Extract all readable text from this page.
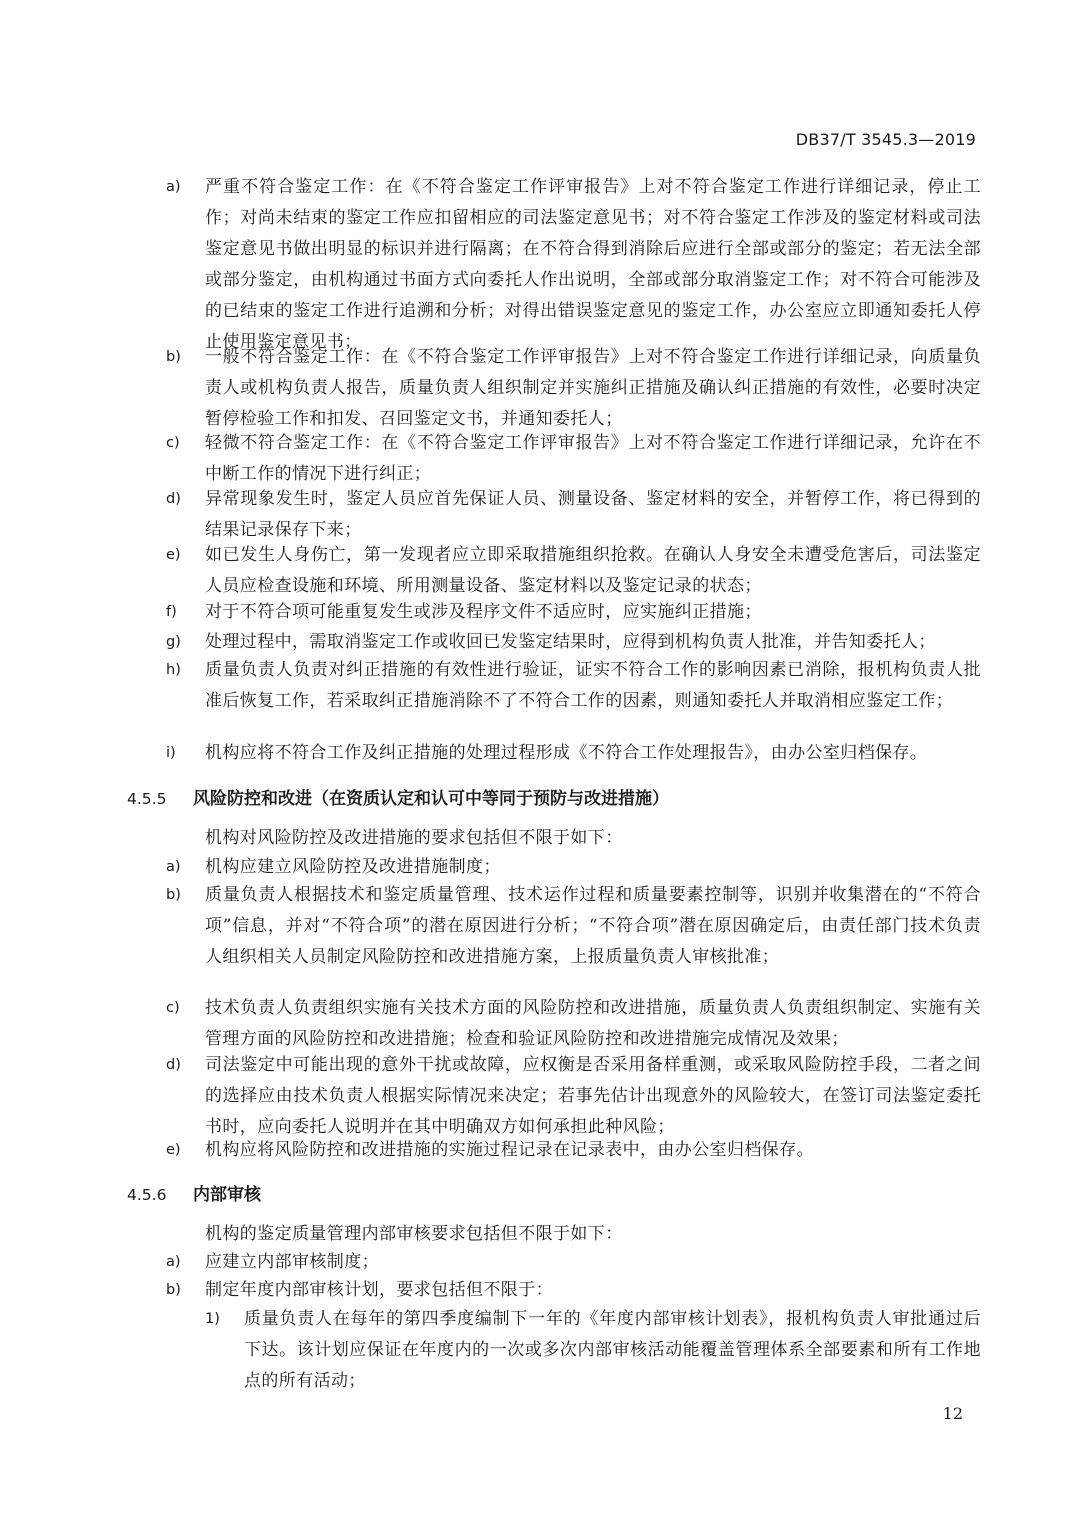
DB37/T 3545.3—2019
a) 严重不符合鉴定工作：在《不符合鉴定工作评审报告》上对不符合鉴定工作进行详细记录，停止工作；对尚未结束的鉴定工作应扣留相应的司法鉴定意见书；对不符合鉴定工作涉及的鉴定材料或司法鉴定意见书做出明显的标识并进行隔离；在不符合得到消除后应进行全部或部分的鉴定；若无法全部或部分鉴定，由机构通过书面方式向委托人作出说明，全部或部分取消鉴定工作；对不符合可能涉及的已结束的鉴定工作进行追溯和分析；对得出错误鉴定意见的鉴定工作，办公室应立即通知委托人停止使用鉴定意见书；
b) 一般不符合鉴定工作：在《不符合鉴定工作评审报告》上对不符合鉴定工作进行详细记录，向质量负责人或机构负责人报告，质量负责人组织制定并实施纠正措施及确认纠正措施的有效性，必要时决定暂停检验工作和扣发、召回鉴定文书，并通知委托人；
c) 轻微不符合鉴定工作：在《不符合鉴定工作评审报告》上对不符合鉴定工作进行详细记录，允许在不中断工作的情况下进行纠正；
d) 异常现象发生时，鉴定人员应首先保证人员、测量设备、鉴定材料的安全，并暂停工作，将已得到的结果记录保存下来；
e) 如已发生人身伤亡，第一发现者应立即采取措施组织抢救。在确认人身安全未遭受危害后，司法鉴定人员应检查设施和环境、所用测量设备、鉴定材料以及鉴定记录的状态；
f) 对于不符合项可能重复发生或涉及程序文件不适应时，应实施纠正措施；
g) 处理过程中，需取消鉴定工作或收回已发鉴定结果时，应得到机构负责人批准，并告知委托人；
h) 质量负责人负责对纠正措施的有效性进行验证，证实不符合工作的影响因素已消除，报机构负责人批准后恢复工作，若采取纠正措施消除不了不符合工作的因素，则通知委托人并取消相应鉴定工作；
i) 机构应将不符合工作及纠正措施的处理过程形成《不符合工作处理报告》，由办公室归档保存。
4.5.5 风险防控和改进（在资质认定和认可中等同于预防与改进措施）
机构对风险防控及改进措施的要求包括但不限于如下：
a) 机构应建立风险防控及改进措施制度；
b) 质量负责人根据技术和鉴定质量管理、技术运作过程和质量要素控制等，识别并收集潜在的“不符合项”信息，并对“不符合项”的潜在原因进行分析；“不符合项”潜在原因确定后，由责任部门技术负责人组织相关人员制定风险防控和改进措施方案，上报质量负责人审核批准；
c) 技术负责人负责组织实施有关技术方面的风险防控和改进措施，质量负责人负责组织制定、实施有关管理方面的风险防控和改进措施；检查和验证风险防控和改进措施完成情况及效果；
d) 司法鉴定中可能出现的意外干扰或故障，应权衡是否采用备样重测，或采取风险防控手段，二者之间的选择应由技术负责人根据实际情况来决定；若事先估计出现意外的风险较大，在签订司法鉴定委托书时，应向委托人说明并在其中明确双方如何承担此种风险；
e) 机构应将风险防控和改进措施的实施过程记录在记录表中，由办公室归档保存。
4.5.6 内部审核
机构的鉴定质量管理内部审核要求包括但不限于如下：
a) 应建立内部审核制度；
b) 制定年度内部审核计划，要求包括但不限于：
1) 质量负责人在每年的第四季度编制下一年的《年度内部审核计划表》，报机构负责人审批通过后下达。该计划应保证在年度内的一次或多次内部审核活动能覆盖管理体系全部要素和所有工作地点的所有活动；
12
